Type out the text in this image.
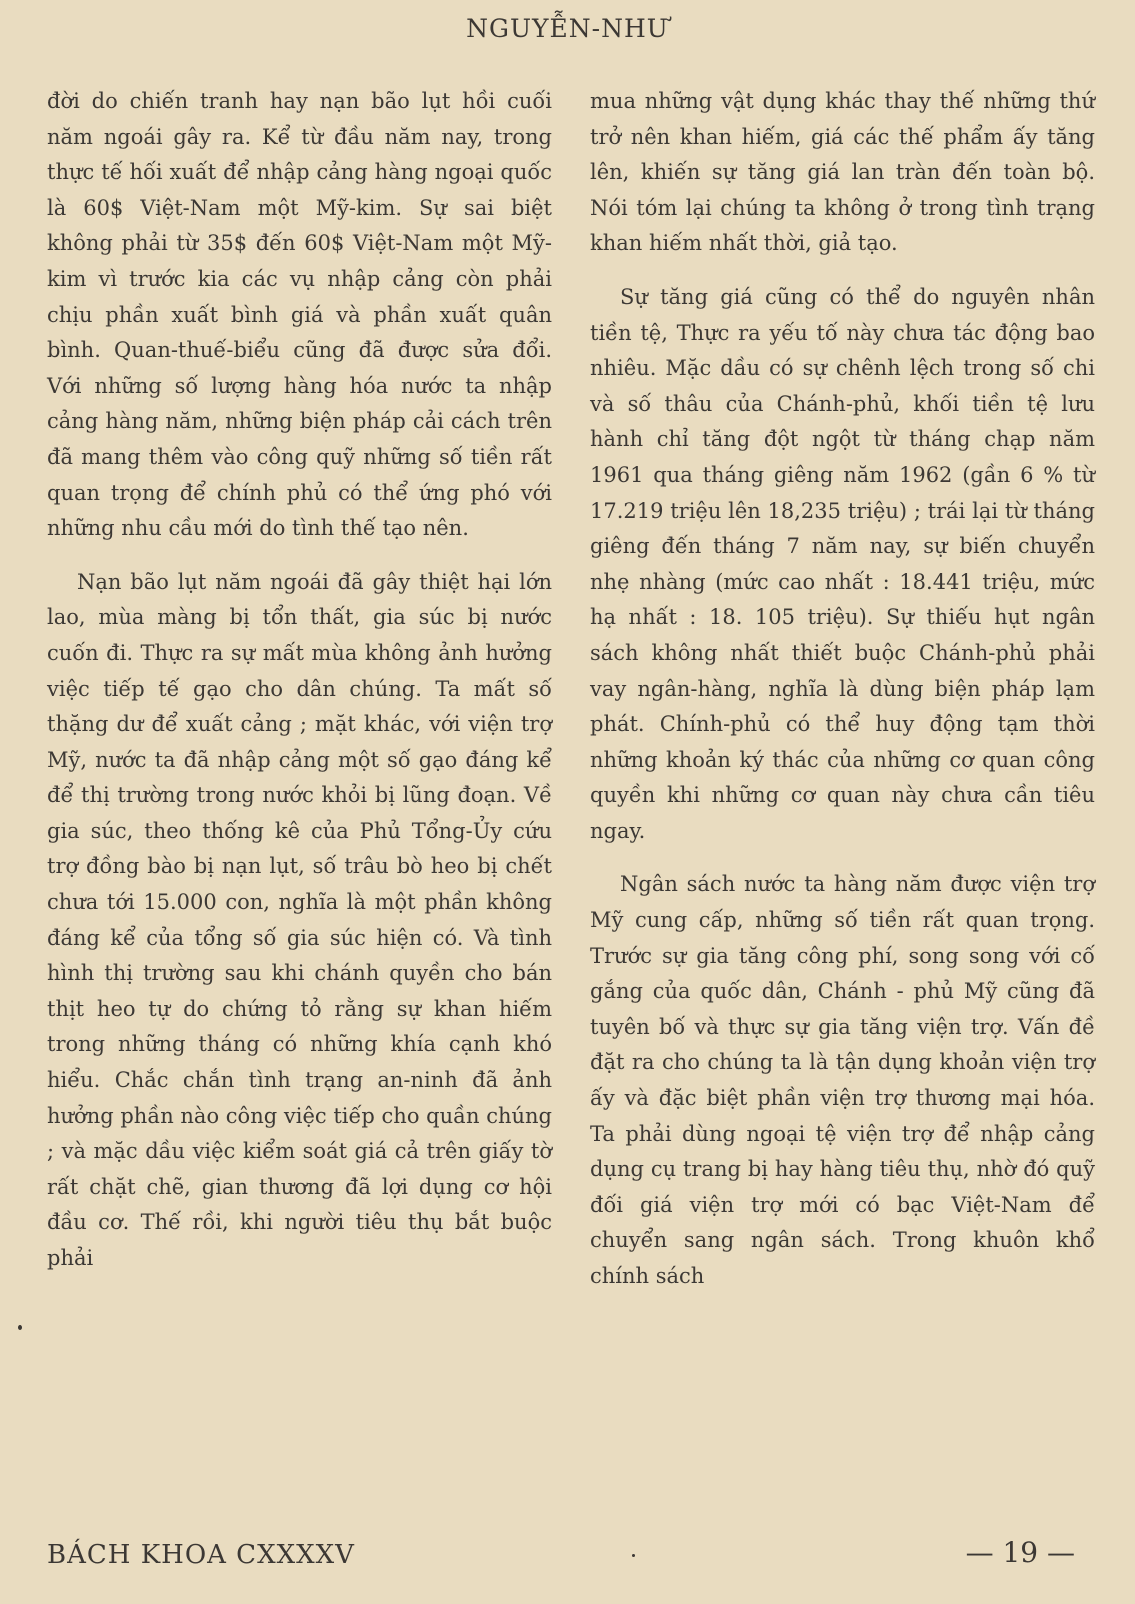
NGUYỄN-NHƯ

đời do chiến tranh hay nạn bão lụt hồi cuối năm ngoái gây ra. Kể từ đầu năm nay, trong thực tế hối xuất để nhập cảng hàng ngoại quốc là 60$ Việt-Nam một Mỹ-kim. Sự sai biệt không phải từ 35$ đến 60$ Việt-Nam một Mỹ-kim vì trước kia các vụ nhập cảng còn phải chịu phần xuất bình giá và phần xuất quân bình. Quan-thuế-biểu cũng đã được sửa đổi. Với những số lượng hàng hóa nước ta nhập cảng hàng năm, những biện pháp cải cách trên đã mang thêm vào công quỹ những số tiền rất quan trọng để chính phủ có thể ứng phó với những nhu cầu mới do tình thế tạo nên.

Nạn bão lụt năm ngoái đã gây thiệt hại lớn lao, mùa màng bị tổn thất, gia súc bị nước cuốn đi. Thực ra sự mất mùa không ảnh hưởng việc tiếp tế gạo cho dân chúng. Ta mất số thặng dư để xuất cảng ; mặt khác, với viện trợ Mỹ, nước ta đã nhập cảng một số gạo đáng kể để thị trường trong nước khỏi bị lũng đoạn. Về gia súc, theo thống kê của Phủ Tổng-Ủy cứu trợ đồng bào bị nạn lụt, số trâu bò heo bị chết chưa tới 15.000 con, nghĩa là một phần không đáng kể của tổng số gia súc hiện có. Và tình hình thị trường sau khi chánh quyền cho bán thịt heo tự do chứng tỏ rằng sự khan hiếm trong những tháng có những khía cạnh khó hiểu. Chắc chắn tình trạng an-ninh đã ảnh hưởng phần nào công việc tiếp cho quần chúng ; và mặc dầu việc kiểm soát giá cả trên giấy tờ rất chặt chẽ, gian thương đã lợi dụng cơ hội đầu cơ. Thế rồi, khi người tiêu thụ bắt buộc phải

mua những vật dụng khác thay thế những thứ trở nên khan hiếm, giá các thế phẩm ấy tăng lên, khiến sự tăng giá lan tràn đến toàn bộ. Nói tóm lại chúng ta không ở trong tình trạng khan hiếm nhất thời, giả tạo.

Sự tăng giá cũng có thể do nguyên nhân tiền tệ, Thực ra yếu tố này chưa tác động bao nhiêu. Mặc dầu có sự chênh lệch trong số chi và số thâu của Chánh-phủ, khối tiền tệ lưu hành chỉ tăng đột ngột từ tháng chạp năm 1961 qua tháng giêng năm 1962 (gần 6 % từ 17.219 triệu lên 18,235 triệu) ; trái lại từ tháng giêng đến tháng 7 năm nay, sự biến chuyển nhẹ nhàng (mức cao nhất : 18.441 triệu, mức hạ nhất : 18. 105 triệu). Sự thiếu hụt ngân sách không nhất thiết buộc Chánh-phủ phải vay ngân-hàng, nghĩa là dùng biện pháp lạm phát. Chính-phủ có thể huy động tạm thời những khoản ký thác của những cơ quan công quyền khi những cơ quan này chưa cần tiêu ngay.

Ngân sách nước ta hàng năm được viện trợ Mỹ cung cấp, những số tiền rất quan trọng. Trước sự gia tăng công phí, song song với cố gắng của quốc dân, Chánh - phủ Mỹ cũng đã tuyên bố và thực sự gia tăng viện trợ. Vấn đề đặt ra cho chúng ta là tận dụng khoản viện trợ ấy và đặc biệt phần viện trợ thương mại hóa. Ta phải dùng ngoại tệ viện trợ để nhập cảng dụng cụ trang bị hay hàng tiêu thụ, nhờ đó quỹ đối giá viện trợ mới có bạc Việt-Nam để chuyển sang ngân sách. Trong khuôn khổ chính sách

BÁCH KHOA CXXXXV	— 19 —
